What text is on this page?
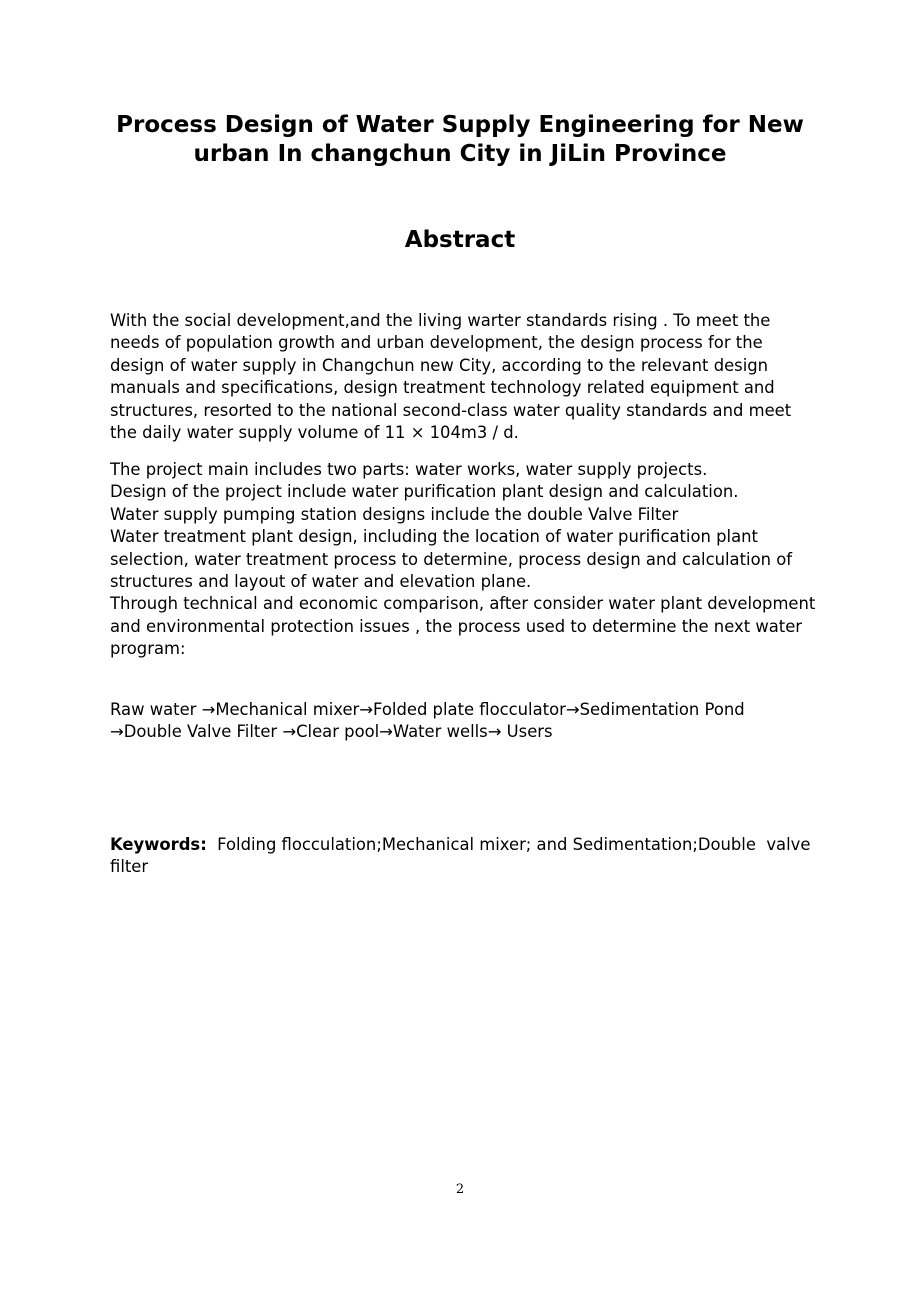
Process Design of Water Supply Engineering for New
urban In changchun City in JiLin Province
Abstract
With the social development,and the living warter standards rising . To meet the
needs of population growth and urban development, the design process for the
design of water supply in Changchun new City, according to the relevant design
manuals and specifications, design treatment technology related equipment and
structures, resorted to the national second-class water quality standards and meet
the daily water supply volume of 11 × 104m3 / d.
The project main includes two parts: water works, water supply projects.
Design of the project include water purification plant design and calculation.
Water supply pumping station designs include the double Valve Filter
Water treatment plant design, including the location of water purification plant
selection, water treatment process to determine, process design and calculation of
structures and layout of water and elevation plane.
Through technical and economic comparison, after consider water plant development
and environmental protection issues , the process used to determine the next water
program:
Raw water →Mechanical mixer→Folded plate flocculator→Sedimentation Pond
→Double Valve Filter →Clear pool→Water wells→ Users
Keywords:  Folding flocculation;Mechanical mixer; and Sedimentation;Double  valve
filter
2
